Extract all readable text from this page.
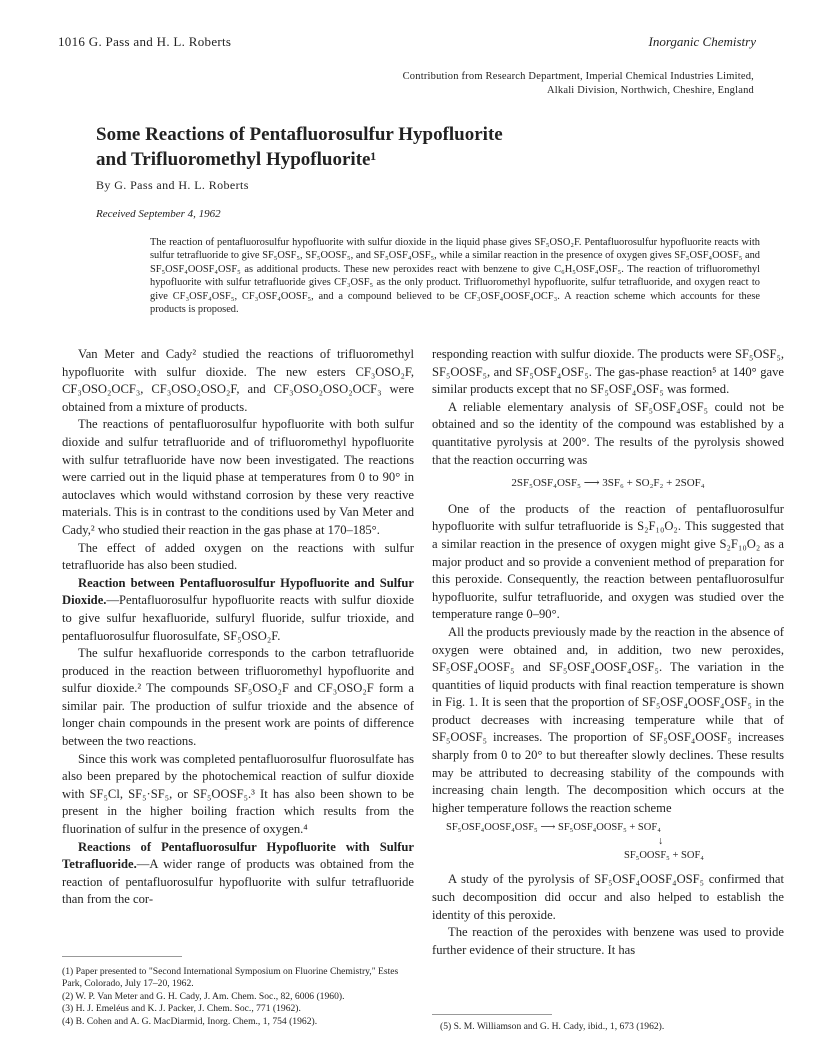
1016 G. Pass and H. L. Roberts	Inorganic Chemistry
Contribution from Research Department, Imperial Chemical Industries Limited,
Alkali Division, Northwich, Cheshire, England
Some Reactions of Pentafluorosulfur Hypofluorite
and Trifluoromethyl Hypofluorite¹
By G. Pass and H. L. Roberts
Received September 4, 1962
The reaction of pentafluorosulfur hypofluorite with sulfur dioxide in the liquid phase gives SF₅OSO₂F. Pentafluorosulfur hypofluorite reacts with sulfur tetrafluoride to give SF₅OSF₅, SF₅OOSF₅, and SF₅OSF₄OSF₅, while a similar reaction in the presence of oxygen gives SF₅OSF₄OOSF₅ and SF₅OSF₄OOSF₄OSF₅ as additional products. These new peroxides react with benzene to give C₆H₅OSF₄OSF₅. The reaction of trifluoromethyl hypofluorite with sulfur tetrafluoride gives CF₃OSF₅ as the only product. Trifluoromethyl hypofluorite, sulfur tetrafluoride, and oxygen react to give CF₃OSF₄OSF₅, CF₃OSF₄OOSF₅, and a compound believed to be CF₃OSF₄OOSF₄OCF₃. A reaction scheme which accounts for these products is proposed.

Van Meter and Cady² studied the reactions of trifluoromethyl hypofluorite with sulfur dioxide. The new esters CF₃OSO₂F, CF₃OSO₂OCF₃, CF₃OSO₂OSO₂F, and CF₃OSO₂OSO₂OCF₃ were obtained from a mixture of products.

The reactions of pentafluorosulfur hypofluorite with both sulfur dioxide and sulfur tetrafluoride and of trifluoromethyl hypofluorite with sulfur tetrafluoride have now been investigated. The reactions were carried out in the liquid phase at temperatures from 0 to 90° in autoclaves which would withstand corrosion by these very reactive materials. This is in contrast to the conditions used by Van Meter and Cady,² who studied their reaction in the gas phase at 170–185°.

The effect of added oxygen on the reactions with sulfur tetrafluoride has also been studied.

Reaction between Pentafluorosulfur Hypofluorite and Sulfur Dioxide.—Pentafluorosulfur hypofluorite reacts with sulfur dioxide to give sulfur hexafluoride, sulfuryl fluoride, sulfur trioxide, and pentafluorosulfur fluorosulfate, SF₅OSO₂F.

The sulfur hexafluoride corresponds to the carbon tetrafluoride produced in the reaction between trifluoromethyl hypofluorite and sulfur dioxide.² The compounds SF₅OSO₂F and CF₃OSO₂F form a similar pair. The production of sulfur trioxide and the absence of longer chain compounds in the present work are points of difference between the two reactions.

Since this work was completed pentafluorosulfur fluorosulfate has also been prepared by the photochemical reaction of sulfur dioxide with SF₅Cl, SF₅·SF₅, or SF₅OOSF₅.³ It has also been shown to be present in the higher boiling fraction which results from the fluorination of sulfur in the presence of oxygen.⁴

Reactions of Pentafluorosulfur Hypofluorite with Sulfur Tetrafluoride.—A wider range of products was obtained from the reaction of pentafluorosulfur hypofluorite with sulfur tetrafluoride than from the cor-

responding reaction with sulfur dioxide. The products were SF₅OSF₅, SF₅OOSF₅, and SF₅OSF₄OSF₅. The gas-phase reaction⁵ at 140° gave similar products except that no SF₅OSF₄OSF₅ was formed.

A reliable elementary analysis of SF₅OSF₄OSF₅ could not be obtained and so the identity of the compound was established by a quantitative pyrolysis at 200°. The results of the pyrolysis showed that the reaction occurring was

2SF₅OSF₄OSF₅ ⟶ 3SF₆ + SO₂F₂ + 2SOF₄

One of the products of the reaction of pentafluorosulfur hypofluorite with sulfur tetrafluoride is S₂F₁₀O₂. This suggested that a similar reaction in the presence of oxygen might give S₂F₁₀O₂ as a major product and so provide a convenient method of preparation for this peroxide. Consequently, the reaction between pentafluorosulfur hypofluorite, sulfur tetrafluoride, and oxygen was studied over the temperature range 0–90°.

All the products previously made by the reaction in the absence of oxygen were obtained and, in addition, two new peroxides, SF₅OSF₄OOSF₅ and SF₅OSF₄OOSF₄OSF₅. The variation in the quantities of liquid products with final reaction temperature is shown in Fig. 1. It is seen that the proportion of SF₅OSF₄OOSF₄OSF₅ in the product decreases with increasing temperature while that of SF₅OOSF₅ increases. The proportion of SF₅OSF₄OOSF₅ increases sharply from 0 to 20° to but thereafter slowly declines. These results may be attributed to decreasing stability of the compounds with increasing chain length. The decomposition which occurs at the higher temperature follows the reaction scheme

SF₅OSF₄OOSF₄OSF₅ ⟶ SF₅OSF₄OOSF₅ + SOF₄
↓
SF₅OOSF₅ + SOF₄

A study of the pyrolysis of SF₅OSF₄OOSF₄OSF₅ confirmed that such decomposition did occur and also helped to establish the identity of this peroxide.

The reaction of the peroxides with benzene was used to provide further evidence of their structure. It has

(1) Paper presented to "Second International Symposium on Fluorine Chemistry," Estes Park, Colorado, July 17–20, 1962.
(2) W. P. Van Meter and G. H. Cady, J. Am. Chem. Soc., 82, 6006 (1960).
(3) H. J. Emeléus and K. J. Packer, J. Chem. Soc., 771 (1962).
(4) B. Cohen and A. G. MacDiarmid, Inorg. Chem., 1, 754 (1962).	(5) S. M. Williamson and G. H. Cady, ibid., 1, 673 (1962).
